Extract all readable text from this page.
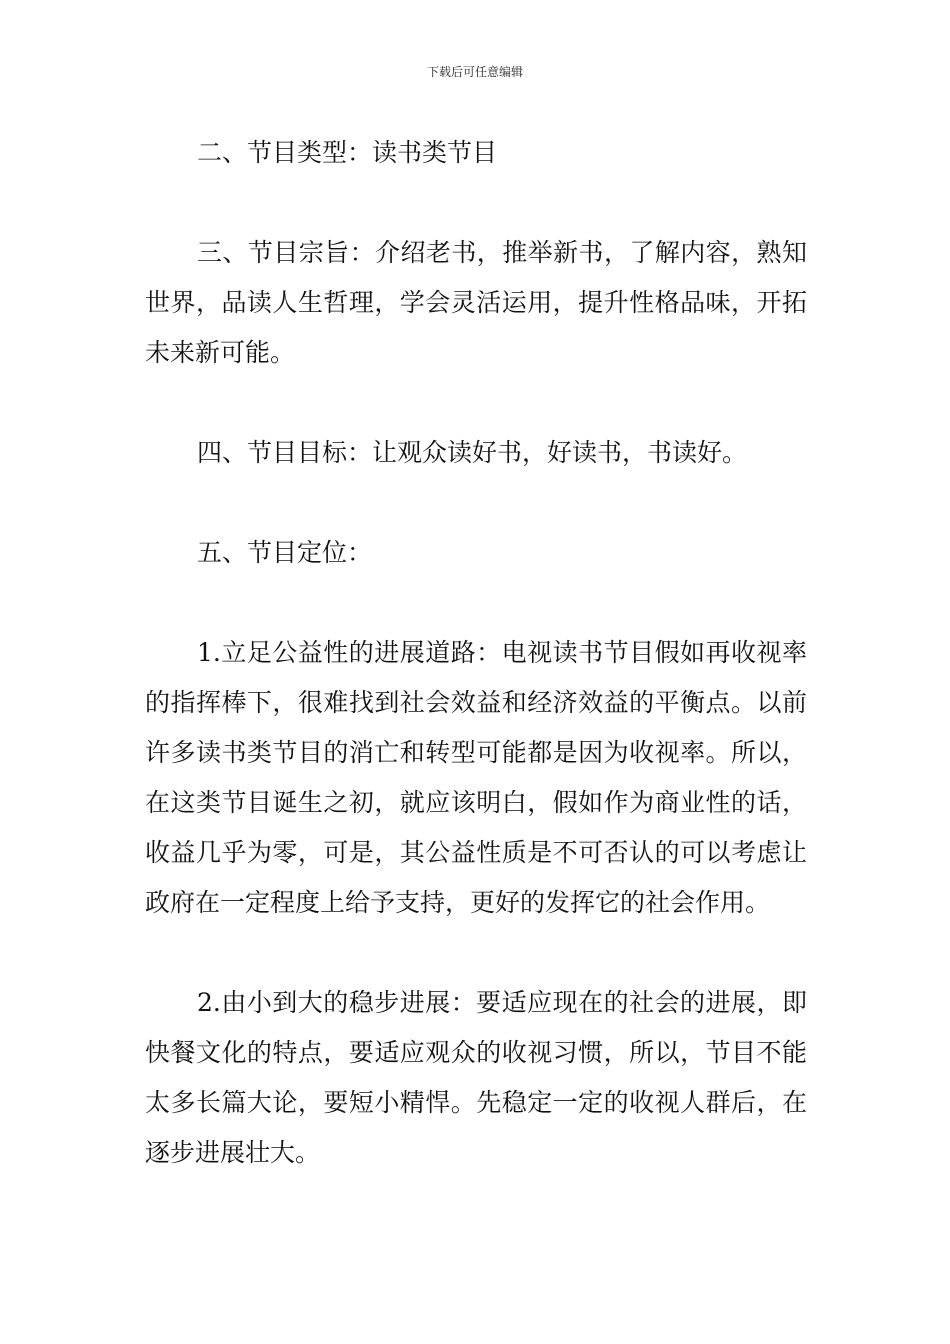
下载后可任意编辑

二、节目类型：读书类节目

三、节目宗旨：介绍老书，推举新书，了解内容，熟知世界，品读人生哲理，学会灵活运用，提升性格品味，开拓未来新可能。

四、节目目标：让观众读好书，好读书，书读好。

五、节目定位：

1.立足公益性的进展道路：电视读书节目假如再收视率的指挥棒下，很难找到社会效益和经济效益的平衡点。以前许多读书类节目的消亡和转型可能都是因为收视率。所以，在这类节目诞生之初，就应该明白，假如作为商业性的话，收益几乎为零，可是，其公益性质是不可否认的可以考虑让政府在一定程度上给予支持，更好的发挥它的社会作用。

2.由小到大的稳步进展：要适应现在的社会的进展，即快餐文化的特点，要适应观众的收视习惯，所以，节目不能太多长篇大论，要短小精悍。先稳定一定的收视人群后，在逐步进展壮大。
